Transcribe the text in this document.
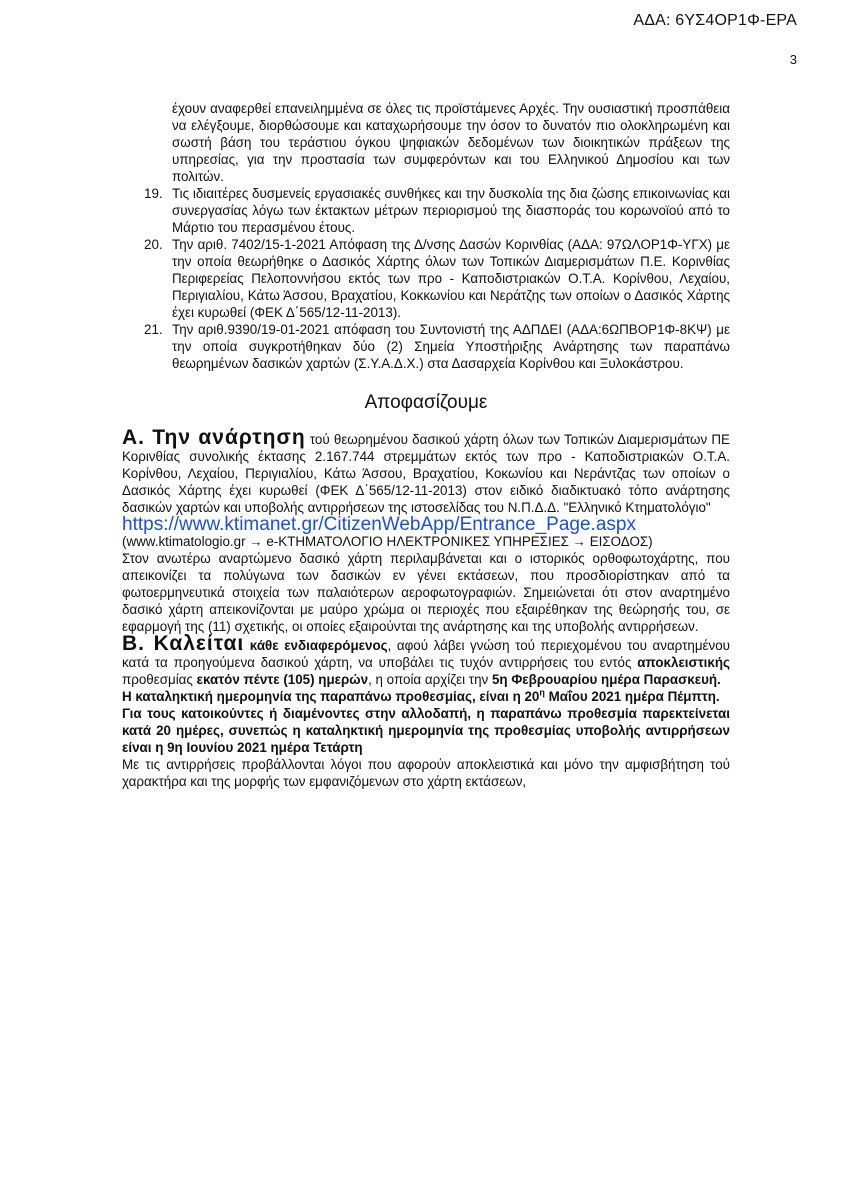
ΑΔΑ: 6ΥΣ4ΟΡ1Φ-ΕΡΑ
3
έχουν αναφερθεί επανειλημμένα σε όλες τις προϊστάμενες Αρχές. Την ουσιαστική προσπάθεια να ελέγξουμε, διορθώσουμε και καταχωρήσουμε την όσον το δυνατόν πιο ολοκληρωμένη και σωστή βάση του τεράστιου όγκου ψηφιακών δεδομένων των διοικητικών πράξεων της υπηρεσίας, για την προστασία των συμφερόντων και του Ελληνικού Δημοσίου και των πολιτών.
19. Τις ιδιαιτέρες δυσμενείς εργασιακές συνθήκες και την δυσκολία της δια ζώσης επικοινωνίας και συνεργασίας λόγω των έκτακτων μέτρων περιορισμού της διασποράς του κορωνοϊού από το Μάρτιο του περασμένου έτους.
20. Την αριθ. 7402/15-1-2021 Απόφαση της Δ/νσης Δασών Κορινθίας (ΑΔΑ: 97ΩΛΟΡ1Φ-ΥΓΧ) με την οποία θεωρήθηκε ο Δασικός Χάρτης όλων των Τοπικών Διαμερισμάτων Π.Ε. Κορινθίας Περιφερείας Πελοποννήσου εκτός των προ - Καποδιστριακών Ο.Τ.Α. Κορίνθου, Λεχαίου, Περιγιαλίου, Κάτω Άσσου, Βραχατίου, Κοκκωνίου και Νεράτζης των οποίων ο Δασικός Χάρτης έχει κυρωθεί (ΦΕΚ Δ΄565/12-11-2013).
21. Την αριθ.9390/19-01-2021 απόφαση του Συντονιστή της ΑΔΠΔΕΙ (ΑΔΑ:6ΩΠΒΟΡ1Φ-8ΚΨ) με την οποία συγκροτήθηκαν δύο (2) Σημεία Υποστήριξης Ανάρτησης των παραπάνω θεωρημένων δασικών χαρτών (Σ.Υ.Α.Δ.Χ.) στα Δασαρχεία Κορίνθου και Ξυλοκάστρου.
Αποφασίζουμε

Α. Την ανάρτηση τού θεωρημένου δασικού χάρτη όλων των Τοπικών Διαμερισμάτων ΠΕ Κορινθίας συνολικής έκτασης 2.167.744 στρεμμάτων εκτός των προ - Καποδιστριακών Ο.Τ.Α. Κορίνθου, Λεχαίου, Περιγιαλίου, Κάτω Άσσου, Βραχατίου, Κοκωνίου και Νεράντζας των οποίων ο Δασικός Χάρτης έχει κυρωθεί (ΦΕΚ Δ΄565/12-11-2013) στον ειδικό διαδικτυακό τόπο ανάρτησης δασικών χαρτών και υποβολής αντιρρήσεων της ιστοσελίδας του Ν.Π.Δ.Δ. "Ελληνικό Κτηματολόγιο"

https://www.ktimanet.gr/CitizenWebApp/Entrance_Page.aspx

(www.ktimatologio.gr → e-ΚΤΗΜΑΤΟΛΟΓΙΟ ΗΛΕΚΤΡΟΝΙΚΕΣ ΥΠΗΡΕΣΙΕΣ → ΕΙΣΟΔΟΣ)

Στον ανωτέρω αναρτώμενο δασικό χάρτη περιλαμβάνεται και ο ιστορικός ορθοφωτοχάρτης, που απεικονίζει τα πολύγωνα των δασικών εν γένει εκτάσεων, που προσδιορίστηκαν από τα φωτοερμηνευτικά στοιχεία των παλαιότερων αεροφωτογραφιών. Σημειώνεται ότι στον αναρτημένο δασικό χάρτη απεικονίζονται με μαύρο χρώμα οι περιοχές που εξαιρέθηκαν της θεώρησής του, σε εφαρμογή της (11) σχετικής, οι οποίες εξαιρούνται της ανάρτησης και της υποβολής αντιρρήσεων.

Β. Καλείται κάθε ενδιαφερόμενος, αφού λάβει γνώση τού περιεχομένου του αναρτημένου κατά τα προηγούμενα δασικού χάρτη, να υποβάλει τις τυχόν αντιρρήσεις του εντός αποκλειστικής προθεσμίας εκατόν πέντε (105) ημερών, η οποία αρχίζει την 5η Φεβρουαρίου ημέρα Παρασκευή.

Η καταληκτική ημερομηνία της παραπάνω προθεσμίας, είναι η $20^\eta$ Μαΐου 2021 ημέρα Πέμπτη.

Για τους κατοικούντες ή διαμένοντες στην αλλοδαπή, η παραπάνω προθεσμία παρεκτείνεται κατά 20 ημέρες, συνεπώς η καταληκτική ημερομηνία της προθεσμίας υποβολής αντιρρήσεων είναι η 9η Ιουνίου 2021 ημέρα Τετάρτη

Με τις αντιρρήσεις προβάλλονται λόγοι που αφορούν αποκλειστικά και μόνο την αμφισβήτηση τού χαρακτήρα και της μορφής των εμφανιζόμενων στο χάρτη εκτάσεων,
